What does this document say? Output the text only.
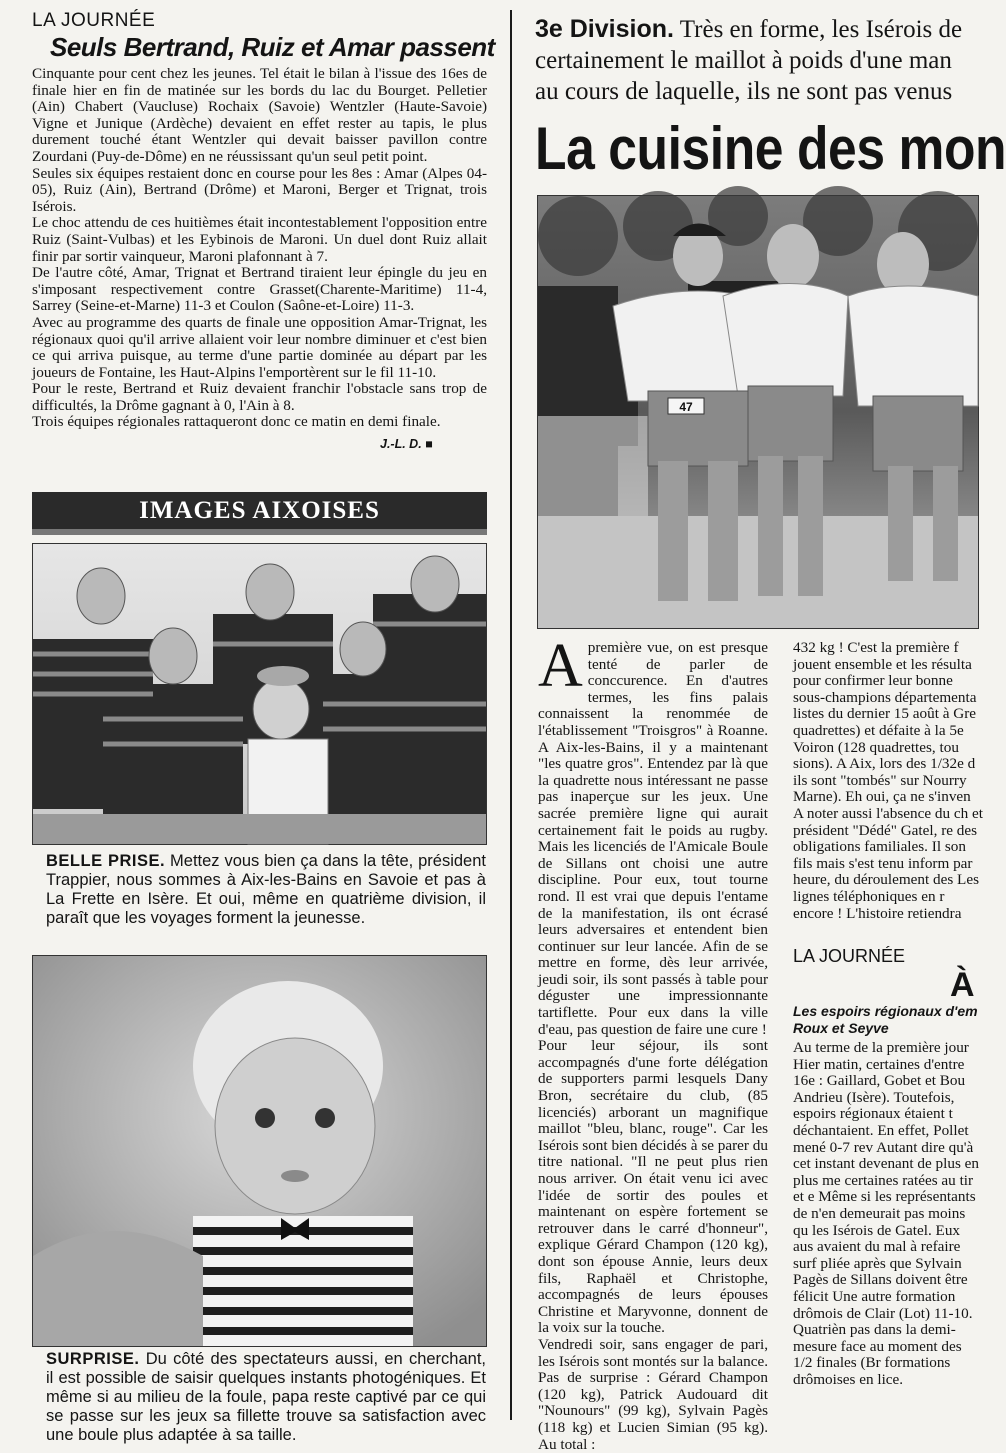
LA JOURNÉE
Seuls Bertrand, Ruiz et Amar passent

Cinquante pour cent chez les jeunes. Tel était le bilan à l'issue des 16es de finale hier en fin de matinée sur les bords du lac du Bourget. Pelletier (Ain) Chabert (Vaucluse) Rochaix (Savoie) Wentzler (Haute-Savoie) Vigne et Junique (Ardèche) devaient en effet rester au tapis, le plus durement touché étant Wentzler qui devait baisser pavillon contre Zourdani (Puy-de-Dôme) en ne réussissant qu'un seul petit point.

Seules six équipes restaient donc en course pour les 8es : Amar (Alpes 04-05), Ruiz (Ain), Bertrand (Drôme) et Maroni, Berger et Trignat, trois Isérois.

Le choc attendu de ces huitièmes était incontestablement l'opposition entre Ruiz (Saint-Vulbas) et les Eybinois de Maroni. Un duel dont Ruiz allait finir par sortir vainqueur, Maroni plafonnant à 7.

De l'autre côté, Amar, Trignat et Bertrand tiraient leur épingle du jeu en s'imposant respectivement contre Grasset(Charente-Maritime) 11-4, Sarrey (Seine-et-Marne) 11-3 et Coulon (Saône-et-Loire) 11-3.

Avec au programme des quarts de finale une opposition Amar-Trignat, les régionaux quoi qu'il arrive allaient voir leur nombre diminuer et c'est bien ce qui arriva puisque, au terme d'une partie dominée au départ par les joueurs de Fontaine, les Haut-Alpins l'emportèrent sur le fil 11-10.

Pour le reste, Bertrand et Ruiz devaient franchir l'obstacle sans trop de difficultés, la Drôme gagnant à 0, l'Ain à 8.

Trois équipes régionales rattaqueront donc ce matin en demi finale.

J.-L. D. ■
IMAGES AIXOISES
BELLE PRISE. Mettez vous bien ça dans la tête, président Trappier, nous sommes à Aix-les-Bains en Savoie et pas à La Frette en Isère. Et oui, même en quatrième division, il paraît que les voyages forment la jeunesse.
SURPRISE. Du côté des spectateurs aussi, en cherchant, il est possible de saisir quelques instants photogéniques. Et même si au milieu de la foule, papa reste captivé par ce qui se passe sur les jeux sa fillette trouve sa satisfaction avec une boule plus adaptée à sa taille.
3e Division. Très en forme, les Isérois de
certainement le maillot à poids d'une man
au cours de laquelle, ils ne sont pas venus
La cuisine des mon
47

Apremière vue, on est presque tenté de parler de conccurence. En d'autres termes, les fins palais connaissent la renommée de l'établissement "Troisgros" à Roanne. A Aix-les-Bains, il y a maintenant "les quatre gros". Entendez par là que la quadrette nous intéressant ne passe pas inaperçue sur les jeux. Une sacrée première ligne qui aurait certainement fait le poids au rugby. Mais les licenciés de l'Amicale Boule de Sillans ont choisi une autre discipline. Pour eux, tout tourne rond. Il est vrai que depuis l'entame de la manifestation, ils ont écrasé leurs adversaires et entendent bien continuer sur leur lancée. Afin de se mettre en forme, dès leur arrivée, jeudi soir, ils sont passés à table pour déguster une impressionnante tartiflette. Pour eux dans la ville d'eau, pas question de faire une cure !

Pour leur séjour, ils sont accompagnés d'une forte délégation de supporters parmi lesquels Dany Bron, secrétaire du club, (85 licenciés) arborant un magnifique maillot "bleu, blanc, rouge". Car les Isérois sont bien décidés à se parer du titre national. "Il ne peut plus rien nous arriver. On était venu ici avec l'idée de sortir des poules et maintenant on espère fortement se retrouver dans le carré d'honneur", explique Gérard Champon (120 kg), dont son épouse Annie, leurs deux fils, Raphaël et Christophe, accompagnés de leurs épouses Christine et Maryvonne, donnent de la voix sur la touche.

Vendredi soir, sans engager de pari, les Isérois sont montés sur la balance. Pas de surprise : Gérard Champon (120 kg), Patrick Audouard dit "Nounours" (99 kg), Sylvain Pagès (118 kg) et Lucien Simian (95 kg). Au total :

432 kg ! C'est la première f jouent ensemble et les résulta pour confirmer leur bonne sous-champions départementa listes du dernier 15 août à Gre quadrettes) et défaite à la 5e Voiron (128 quadrettes, tou sions). A Aix, lors des 1/32e d ils sont "tombés" sur Nourry Marne). Eh oui, ça ne s'inven A noter aussi l'absence du ch et président "Dédé" Gatel, re des obligations familiales. Il son fils mais s'est tenu inform par heure, du déroulement des Les lignes téléphoniques en r encore ! L'histoire retiendra

LA JOURNÉE
À
Les espoirs régionaux d'em Roux et Seyve

Au terme de la première jour Hier matin, certaines d'entre 16e : Gaillard, Gobet et Bou Andrieu (Isère). Toutefois, espoirs régionaux étaient t déchantaient. En effet, Pollet mené 0-7 rev Autant dire qu'à cet instant devenant de plus en plus me certaines ratées au tir et e Même si les représentants de n'en demeurait pas moins qu les Isérois de Gatel. Eux aus avaient du mal à refaire surf pliée après que Sylvain Pagès de Sillans doivent être félicit Une autre formation drômois de Clair (Lot) 11-10. Quatrièn pas dans la demi-mesure face au moment des 1/2 finales (Br formations drômoises en lice.
